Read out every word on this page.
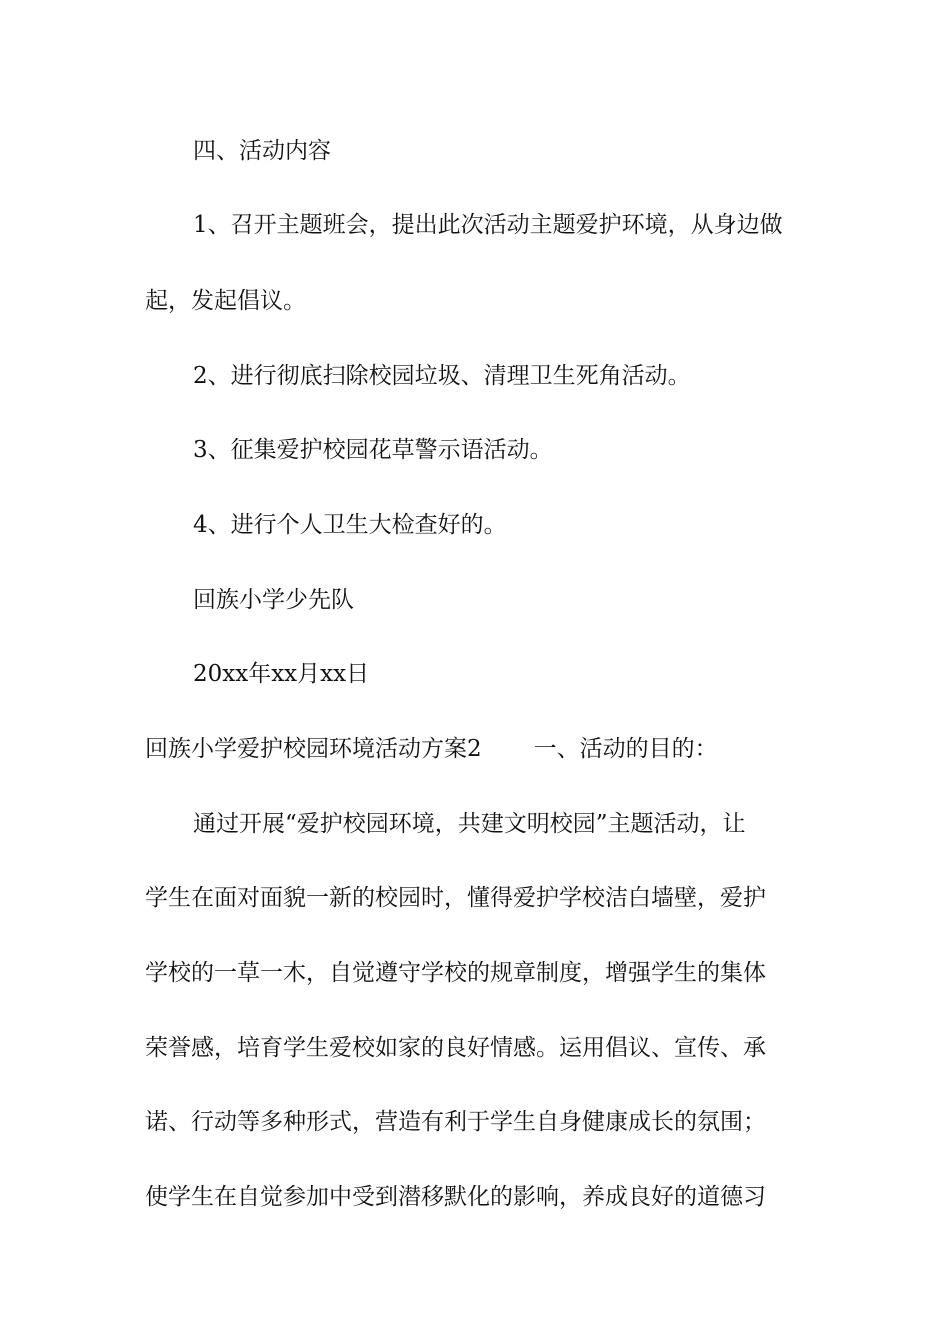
四、活动内容
1、召开主题班会，提出此次活动主题爱护环境，从身边做
起，发起倡议。
2、进行彻底扫除校园垃圾、清理卫生死角活动。
3、征集爱护校园花草警示语活动。
4、进行个人卫生大检查好的。
回族小学少先队
20xx年xx月xx日
回族小学爱护校园环境活动方案2 一、活动的目的：
通过开展“爱护校园环境，共建文明校园”主题活动，让
学生在面对面貌一新的校园时，懂得爱护学校洁白墙壁，爱护
学校的一草一木，自觉遵守学校的规章制度，增强学生的集体
荣誉感，培育学生爱校如家的良好情感。运用倡议、宣传、承
诺、行动等多种形式，营造有利于学生自身健康成长的氛围；
使学生在自觉参加中受到潜移默化的影响，养成良好的道德习
